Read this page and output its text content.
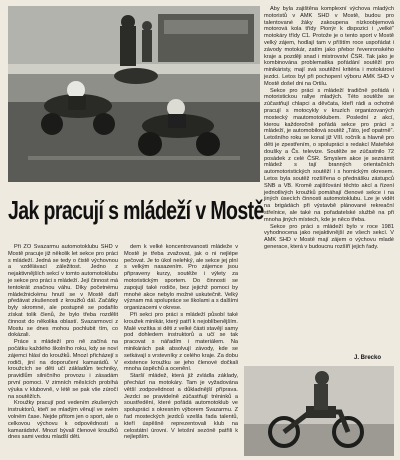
Aby byla zajištěna komplexní výchova mladých motoristů v AMK SHD v Mostě, budou pro talentované žáky zakoupena nízkoobjemová motorová kola třídy Pionýr k dispozici i „velké“ motokáry třídy C1. Protože je o tento sport v Mostě velký zájem, hodlají tam v příštím roce uspořádat i závody motokár, zatím jako přebor řevenronského kraje a později snad i mistrovství ČSR. Tak jako je kombinována problematika pořádání soutěží pro minikáristy, mají svá soutěžní kritéria i motokároví jezdci. Letos byl při pochopení výboru AMK SHD v Mostě došel dni na Ortilu.

Sekce pro práci s mládeží tradičně pořádá i motoristickou rallye mladých. Této soutěže se zúčastňují chlapci a děvčata, kteří rádi a ochotně pracují s motocykly v kruzích organizovaných mostecký mautomotoklubem. Poslední z akcí, kterou každoročně pořádá sekce pro práci s mládeží, je automobilová soutěž „Táto, jeď opatrně“. Letošního roku se konal již VIII. ročník a hlavně pro děti je zpestřením, o spolupráci s redakcí Mateřské doušky a Čs. televize. Soutěže se zúčastnilo 72 posádek z celé ČSR. Smyslem akce je seznámit mládež s tají branných orientačních automotoristických soutěží i s hornickým okresem. Letos byla soutěž rozšířena o přednášku zástupců SNB a VB. Kromě zajišťování těchto akcí a řízení jednotlivých kroužků pomáhají členové sekce i na jiných úsecích činnosti automotoklubu. Lze je vidět na brigádách při výstavbě plánované rekreační střelnice, ale také na pořadatelské službě na při mnoha jiných místech, kde je něco třeba.

Sekce pro práci s mládeží bylo v roce 1981 vyhodnocena jako nejaktivnější ze všech sekcí. V AMK SHD v Mostě mají zájem o výchovu mladé generace, která v budoucnu rozšíří jejich řady.

Jak pracují s mládeží v Mostě

Při ZO Svazarmu automotoklubu SHD v Mostě pracuje již několik let sekce pro práci s mládeží. Jedná se tedy o čistě výchovnou a vzdělávací záležitost. Jedno z nejaktivnějších sekcí v tomto automotoklubu je sekce pro práci s mládeží. Její činnost má tentokrát značnou váhu. Díky početnému mládežnickému hnutí se v Mostě daří předávat zkušenosti z kroužků dál. Začátky byly skromné, ale postupně se podařilo získat tolik členů, že bylo třeba rozdělit činnost do několika oblastí. Svazarmovci z Mostu se dnes mohou pochlubit tím, co dokázali.

Práce s mládeží pro ně začíná na počátku každého školního roku, kdy se noví zájemci hlásí do kroužků. Mnozí přicházejí s rodiči, jiní na doporučení kamarádů. V kroužcích se děti učí základům techniky, pravidlům silničního provozu i zásadám první pomoci. V zimních měsících probíhá výuka v klubovně, v létě se pak vše zúročí na soutěžích.

Kroužky pracují pod vedením zkušených instruktorů, kteří se mladým věnují ve svém volném čase. Nejde přitom jen o sport, ale o celkovou výchovu k odpovědnosti a kamarádství. Mnozí bývalí členové kroužků dnes sami vedou mladší děti.

dem k velké koncentrovanosti mládeže v Mostě je třeba zvažovat, jak o ni nejlépe pečovat. Je to úkol nelehký, ale sekce jej plní s velkým nasazením. Pro zájemce jsou připraveny kurzy, soutěže i výlety za motoristickým sportem. Do činnosti se zapojují také rodiče, bez jejichž pomoci by mnohé akce nebylo možné uskutečnit. Velký význam má spolupráce se školami a s dalšími organizacemi v okrese.

Při sekci pro práci s mládeží působí také kroužek minikár, který patří k nejoblíbenějším. Malé vozítka si děti z velké části stavějí samy pod dohledem instruktorů a učí se tak pracovat s nářadím i materiálem. Na minikárách pak absolvují závody, kde se setkávají s vrstevníky z celého kraje. Za dobu existence kroužku se jeho členové dočkali mnoha úspěchů a ocenění.

Starší mládež, která již zvládla základy, přechází na motokáry. Tam je vyžadována větší zodpovědnost a důkladnější příprava. Jezdci se pravidelně zúčastňují tréninků a soustředění, které pořádá automotoklub ve spolupráci s okresním výborem Svazarmu. Z řad mosteckých jezdců vzešla řada talentů, kteří úspěšně reprezentovali klub na celostátní úrovni. V letošní sezóně patřili k nejlepším.

J. Brecko
